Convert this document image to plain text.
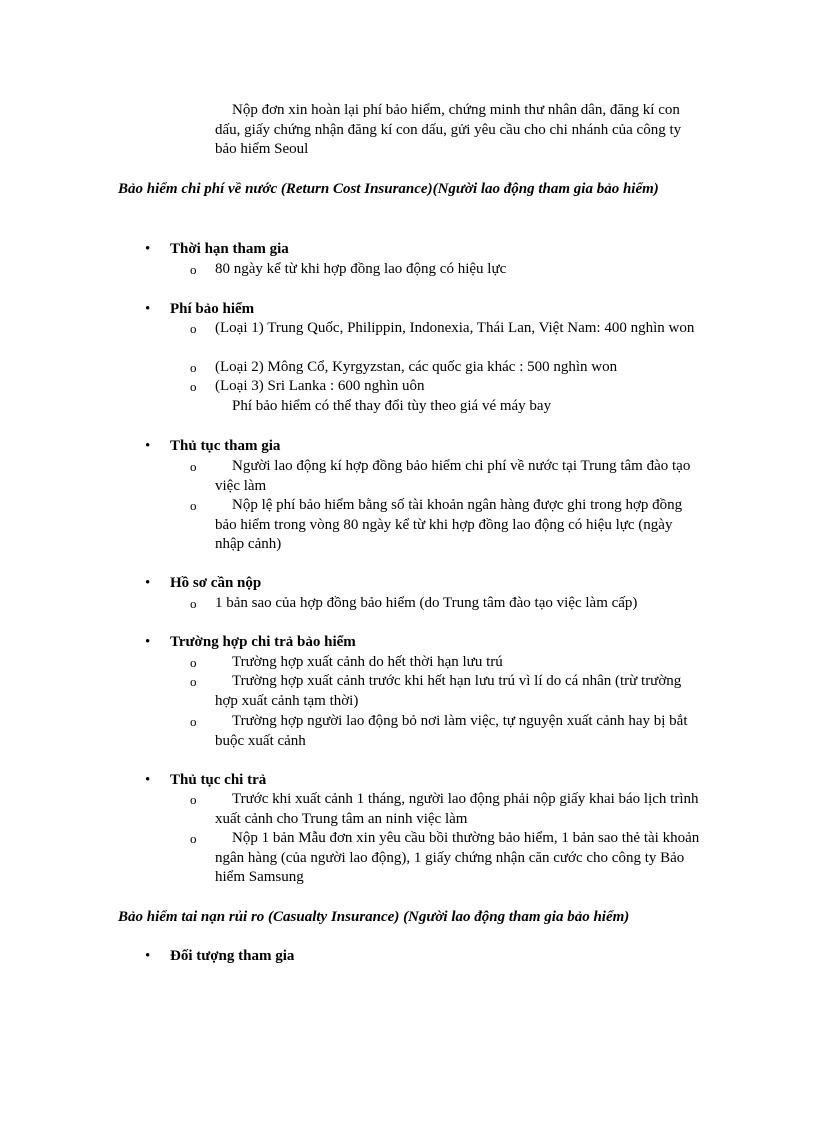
Nộp đơn xin hoàn lại phí bảo hiểm, chứng minh thư nhân dân, đăng kí con dấu, giấy chứng nhận đăng kí con dấu, gửi yêu cầu cho chi nhánh của công ty bảo hiểm Seoul

Bảo hiểm chi phí về nước (Return Cost Insurance)(Người lao động tham gia bảo hiểm)

• Thời hạn tham gia
o	80 ngày kể từ khi hợp đồng lao động có hiệu lực
• Phí bảo hiểm
o	(Loại 1) Trung Quốc, Philippin, Indonexia, Thái Lan, Việt Nam: 400 nghìn won
o	(Loại 2) Mông Cổ, Kyrgyzstan, các quốc gia khác : 500 nghìn won
o	(Loại 3) Sri Lanka : 600 nghìn uôn

Phí bảo hiểm có thể thay đổi tùy theo giá vé máy bay

• Thủ tục tham gia
o	Người lao động kí hợp đồng bảo hiểm chi phí về nước tại Trung tâm đào tạo việc làm
o	Nộp lệ phí bảo hiểm bằng số tài khoản ngân hàng được ghi trong hợp đồng bảo hiểm trong vòng 80 ngày kể từ khi hợp đồng lao động có hiệu lực (ngày nhập cảnh)
• Hồ sơ cần nộp
o	1 bản sao của hợp đồng bảo hiểm (do Trung tâm đào tạo việc làm cấp)
• Trường hợp chi trả bảo hiểm
o	Trường hợp xuất cảnh do hết thời hạn lưu trú
o	Trường hợp xuất cảnh trước khi hết hạn lưu trú vì lí do cá nhân (trừ trường hợp xuất cảnh tạm thời)
o	Trường hợp người lao động bỏ nơi làm việc, tự nguyện xuất cảnh hay bị bắt buộc xuất cảnh
• Thủ tục chi trả
o	Trước khi xuất cảnh 1 tháng, người lao động phải nộp giấy khai báo lịch trình xuất cảnh cho Trung tâm an ninh việc làm
o	Nộp 1 bản Mẫu đơn xin yêu cầu bồi thường bảo hiểm, 1 bản sao thẻ tài khoản ngân hàng (của người lao động), 1 giấy chứng nhận căn cước cho công ty Bảo hiểm Samsung

Bảo hiểm tai nạn rủi ro (Casualty Insurance) (Người lao động tham gia bảo hiểm)

• Đối tượng tham gia
